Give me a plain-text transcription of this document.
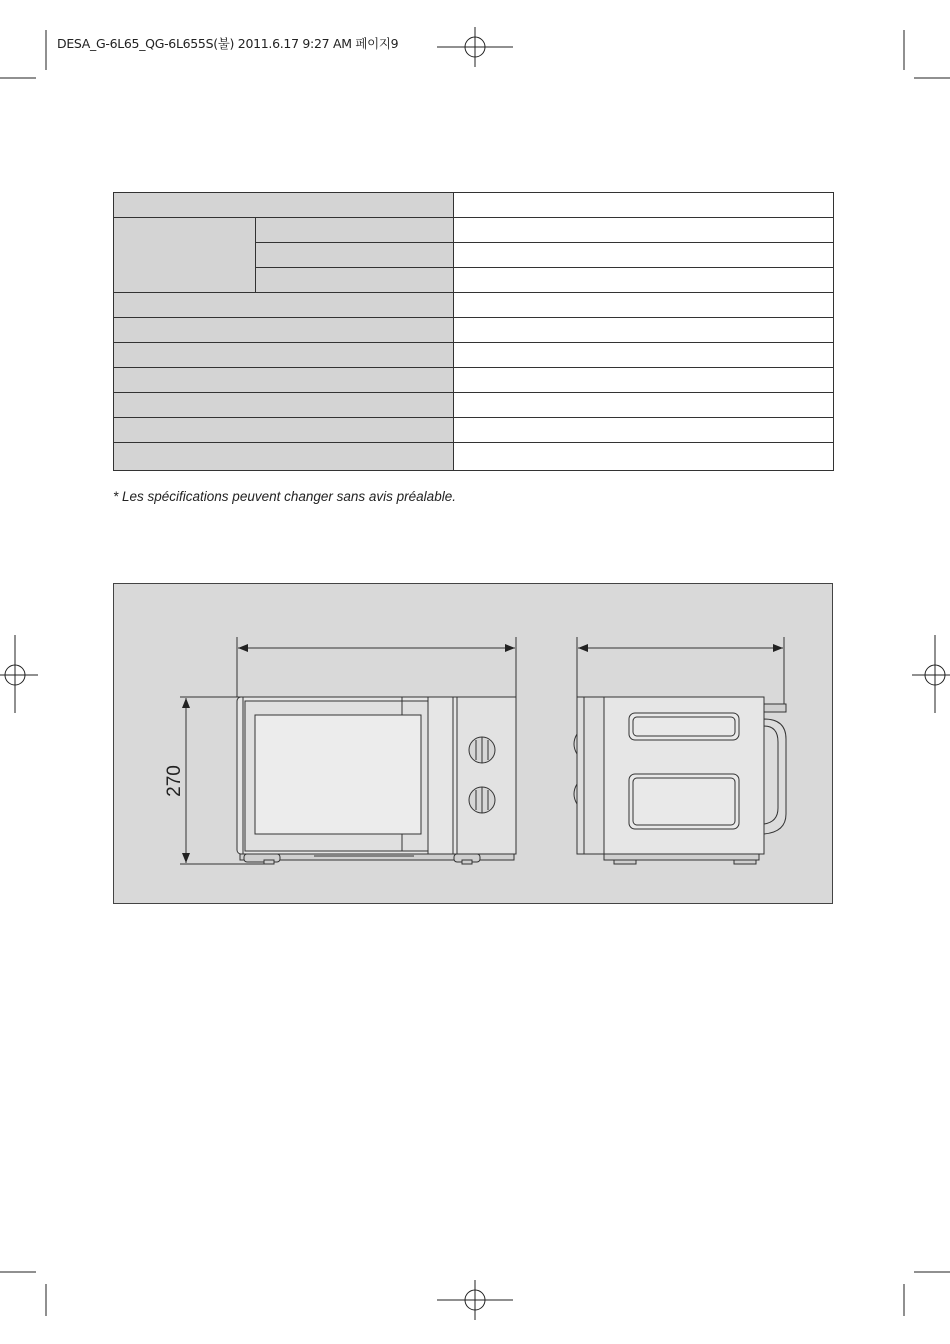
DESA_G-6L65_QG-6L655S(불) 2011.6.17 9:27 AM 페이지9

* Les spécifications peuvent changer sans avis préalable.
270
